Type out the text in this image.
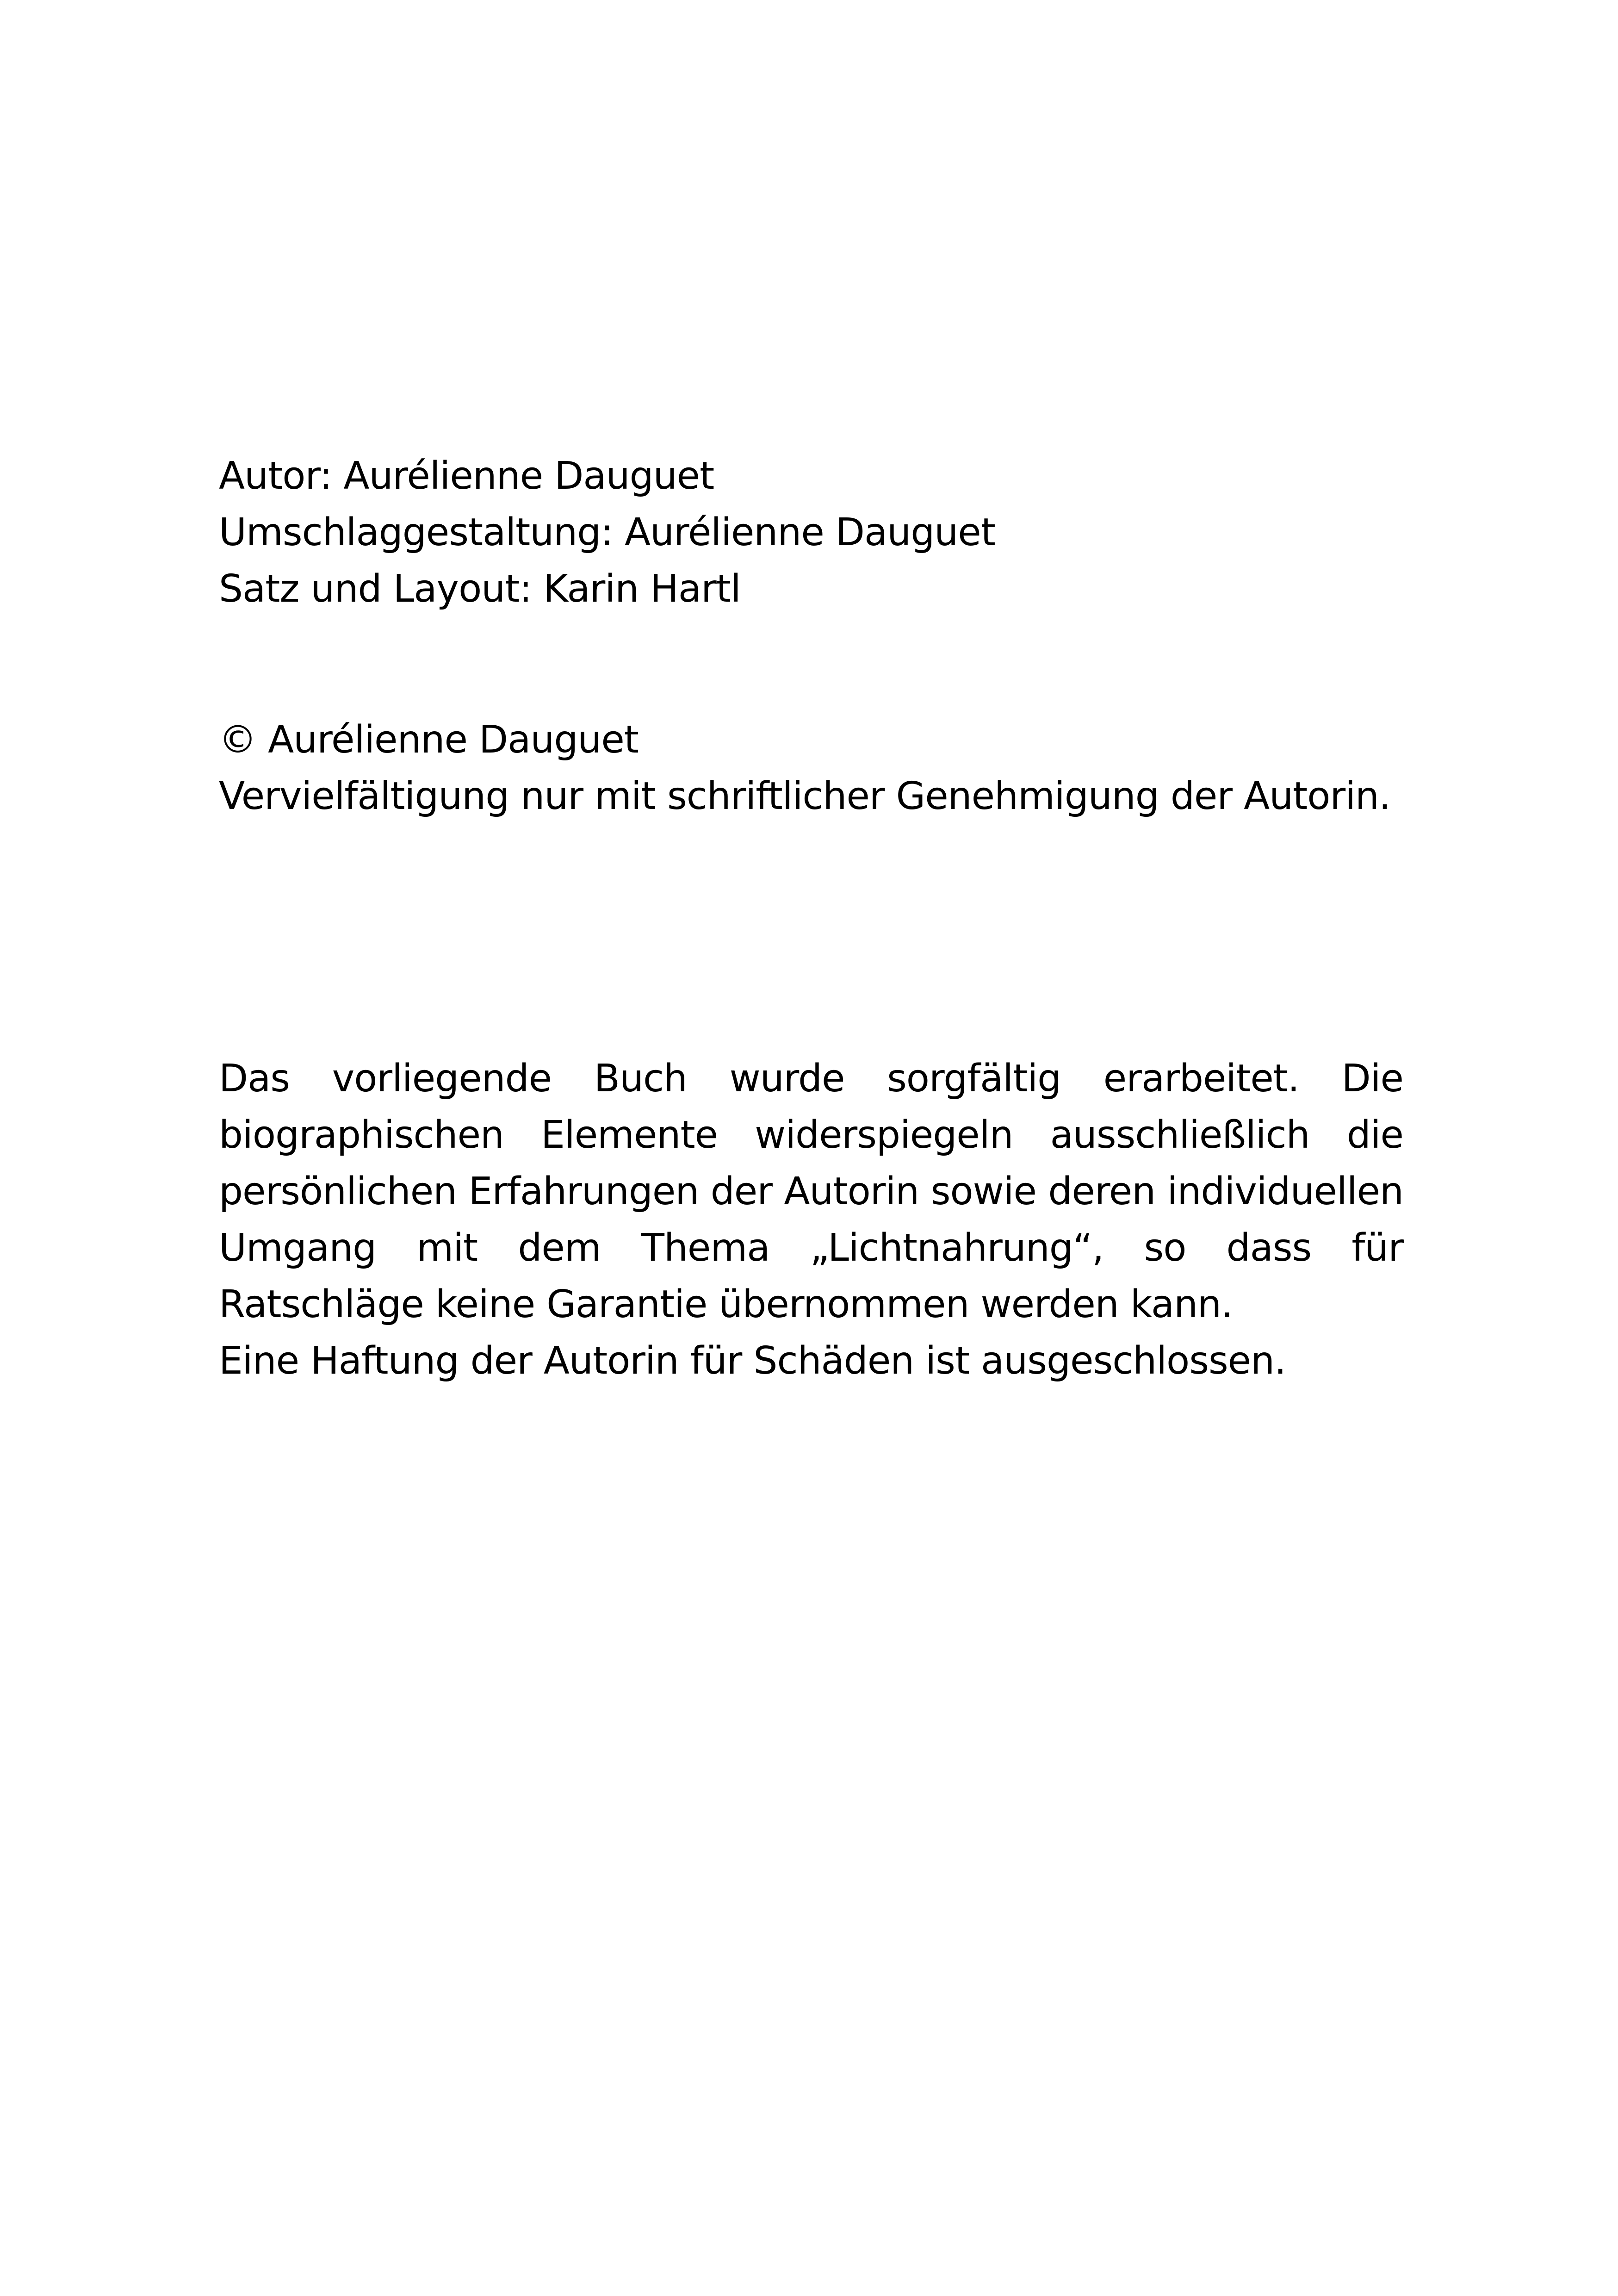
Autor: Aurélienne Dauguet

Umschlaggestaltung: Aurélienne Dauguet

Satz und Layout: Karin Hartl

© Aurélienne Dauguet

Vervielfältigung nur mit schriftlicher Genehmigung der Autorin.

Das vorliegende Buch wurde sorgfältig erarbeitet. Die biographischen Elemente widerspiegeln ausschließlich die persönlichen Erfahrungen der Autorin sowie deren individuellen Umgang mit dem Thema „Lichtnahrung“, so dass für Ratschläge keine Garantie übernommen werden kann.

Eine Haftung der Autorin für Schäden ist ausgeschlossen.
